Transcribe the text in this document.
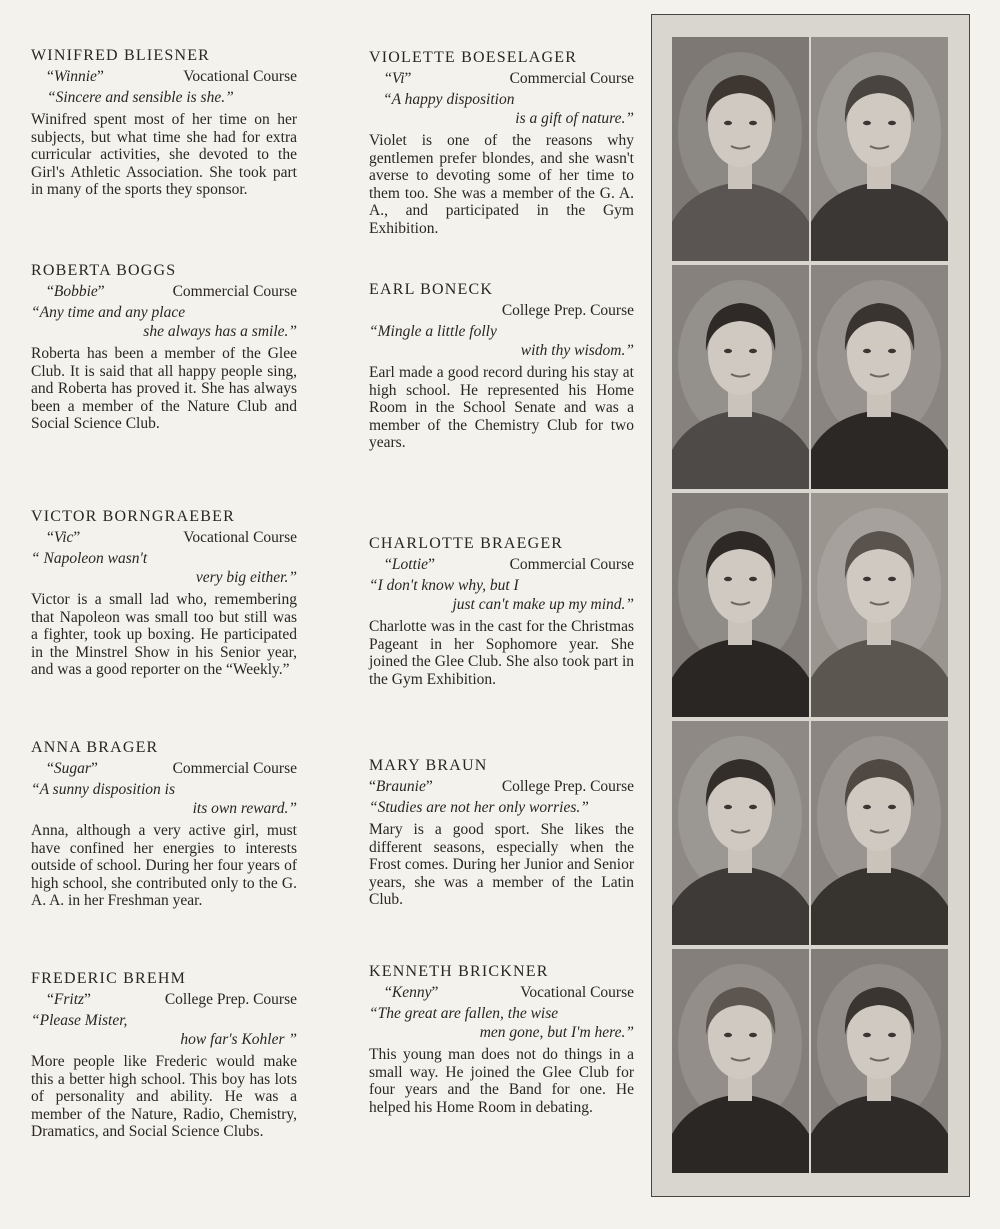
WINIFRED BLIESNER
“ Winnie ”	Vocational Course
“Sincere and sensible is she.”
Winifred spent most of her time on her subjects, but what time she had for extra curricular activities, she devoted to the Girl's Athletic Association. She took part in many of the sports they sponsor.
ROBERTA BOGGS
“ Bobbie ”	Commercial Course
“Any time and any place
she always has a smile.”
Roberta has been a member of the Glee Club. It is said that all happy people sing, and Roberta has proved it. She has always been a member of the Nature Club and Social Science Club.
VICTOR BORNGRAEBER
“ Vic ”	Vocational Course
“ Napoleon wasn't
very big either.”
Victor is a small lad who, remembering that Napoleon was small too but still was a fighter, took up boxing. He participated in the Minstrel Show in his Senior year, and was a good reporter on the “Weekly.”
ANNA BRAGER
“ Sugar ”	Commercial Course
“A sunny disposition is
its own reward.”
Anna, although a very active girl, must have confined her energies to interests outside of school. During her four years of high school, she contributed only to the G. A. A. in her Freshman year.
FREDERIC BREHM
“ Fritz ”	College Prep. Course
“Please Mister,
how far's Kohler ”
More people like Frederic would make this a better high school. This boy has lots of personality and ability. He was a member of the Nature, Radio, Chemistry, Dramatics, and Social Science Clubs.
VIOLETTE BOESELAGER
“ Vi ”	Commercial Course
“A happy disposition
is a gift of nature.”
Violet is one of the reasons why gentlemen prefer blondes, and she wasn't averse to devoting some of her time to them too. She was a member of the G. A. A., and participated in the Gym Exhibition.
EARL BONECK
College Prep. Course
“Mingle a little folly
with thy wisdom.”
Earl made a good record during his stay at high school. He represented his Home Room in the School Senate and was a member of the Chemistry Club for two years.
CHARLOTTE BRAEGER
“ Lottie ”	Commercial Course
“I don't know why, but I
just can't make up my mind.”
Charlotte was in the cast for the Christmas Pageant in her Sophomore year. She joined the Glee Club. She also took part in the Gym Exhibition.
MARY BRAUN
“ Braunie ”	College Prep. Course
“Studies are not her only worries.”
Mary is a good sport. She likes the different seasons, especially when the Frost comes. During her Junior and Senior years, she was a member of the Latin Club.
KENNETH BRICKNER
“ Kenny ”	Vocational Course
“The great are fallen, the wise
men gone, but I'm here.”
This young man does not do things in a small way. He joined the Glee Club for four years and the Band for one. He helped his Home Room in debating.
